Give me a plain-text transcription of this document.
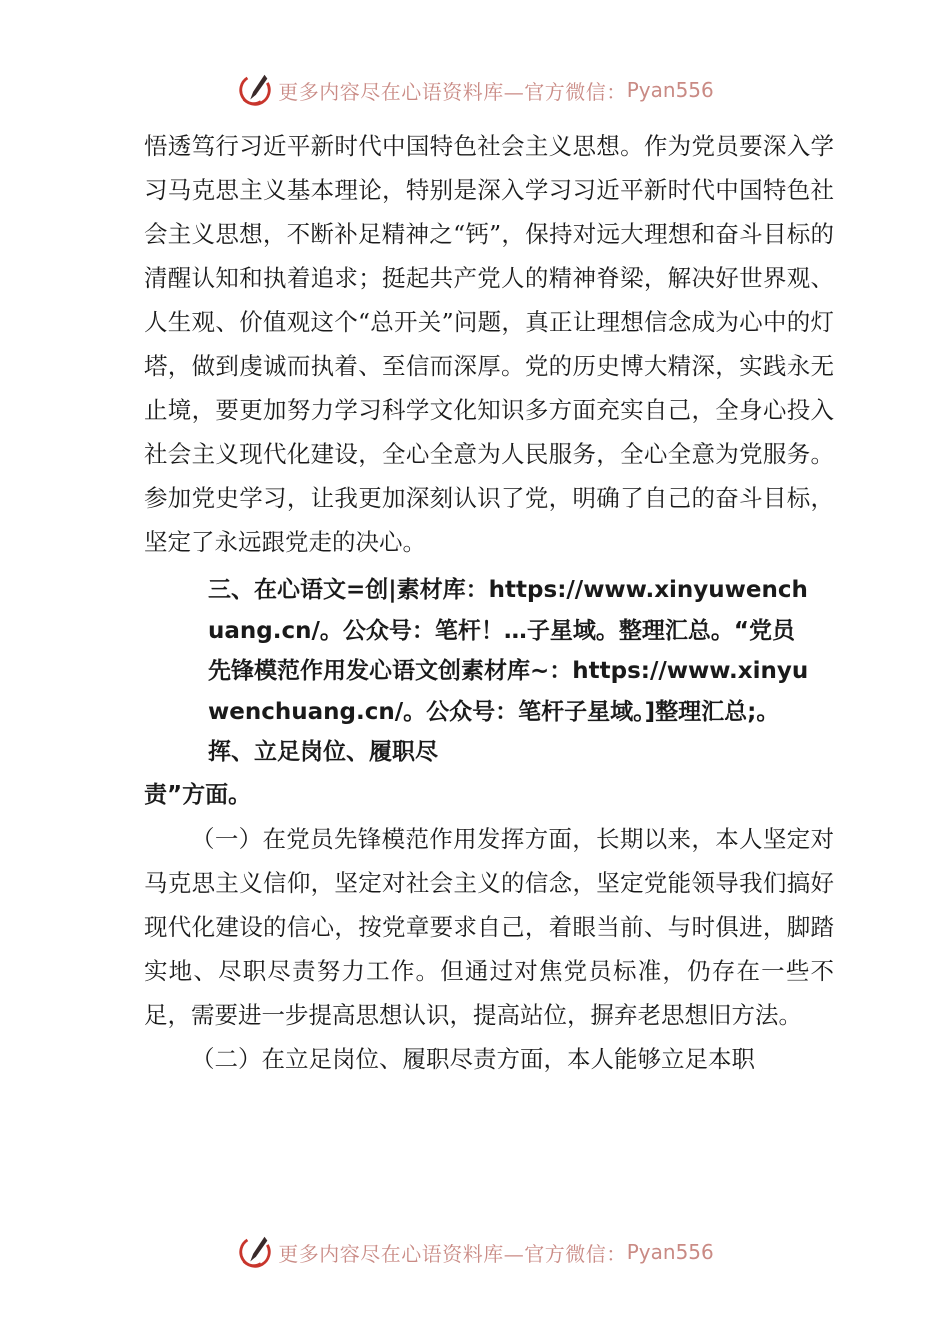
更多内容尽在心语资料库—官方微信： Pyan556

悟透笃行习近平新时代中国特色社会主义思想。作为党员要深入学习马克思主义基本理论，特别是深入学习习近平新时代中国特色社会主义思想，不断补足精神之“钙”，保持对远大理想和奋斗目标的清醒认知和执着追求；挺起共产党人的精神脊梁，解决好世界观、人生观、价值观这个“总开关”问题，真正让理想信念成为心中的灯塔，做到虔诚而执着、至信而深厚。党的历史博大精深，实践永无止境，要更加努力学习科学文化知识多方面充实自己，全身心投入社会主义现代化建设，全心全意为人民服务，全心全意为党服务。参加党史学习，让我更加深刻认识了党，明确了自己的奋斗目标，坚定了永远跟党走的决心。

三、在心语文=创|素材库：https://www.xinyuwenchuang.cn/。公众号：笔杆！…子星域。整理汇总。“党员先锋模范作用发心语文创素材库~：https://www.xinyuwenchuang.cn/。公众号：笔杆子星域。]整理汇总;。挥、立足岗位、履职尽

责”方面。

（一）在党员先锋模范作用发挥方面，长期以来，本人坚定对马克思主义信仰，坚定对社会主义的信念，坚定党能领导我们搞好现代化建设的信心，按党章要求自己，着眼当前、与时俱进，脚踏实地、尽职尽责努力工作。但通过对焦党员标准，仍存在一些不足，需要进一步提高思想认识，提高站位，摒弃老思想旧方法。

（二）在立足岗位、履职尽责方面，本人能够立足本职

更多内容尽在心语资料库—官方微信： Pyan556
